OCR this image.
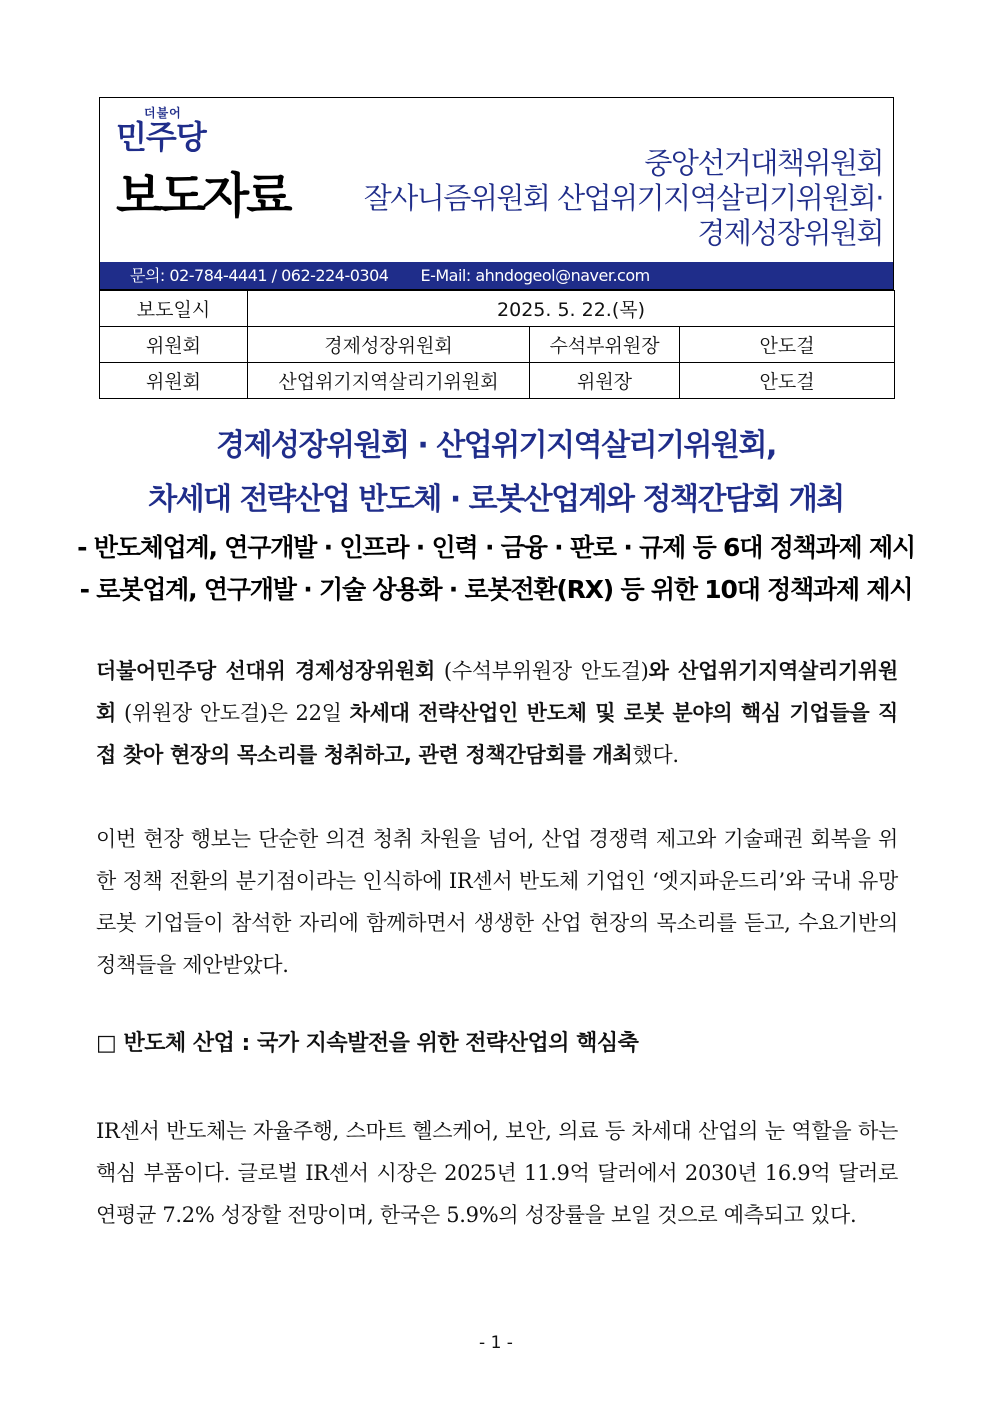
더불어
민주당
보도자료
중앙선거대책위원회
잘사니즘위원회 산업위기지역살리기위원회·
경제성장위원회
문의: 02-784-4441 / 062-224-0304 E-Mail: ahndogeol@naver.com
보도일시	2025. 5. 22.(목)		
위원회	경제성장위원회	수석부위원장	안도걸
위원회	산업위기지역살리기위원회	위원장	안도걸
경제성장위원회 · 산업위기지역살리기위원회,
차세대 전략산업 반도체 · 로봇산업계와 정책간담회 개최
- 반도체업계, 연구개발 · 인프라 · 인력 · 금융 · 판로 · 규제 등 6대 정책과제 제시
- 로봇업계, 연구개발 · 기술 상용화 · 로봇전환(RX) 등 위한 10대 정책과제 제시

더불어민주당 선대위 경제성장위원회 (수석부위원장 안도걸)와 산업위기지역살리기위원회 (위원장 안도걸)은 22일 차세대 전략산업인 반도체 및 로봇 분야의 핵심 기업들을 직접 찾아 현장의 목소리를 청취하고, 관련 정책간담회를 개최했다.

이번 현장 행보는 단순한 의견 청취 차원을 넘어, 산업 경쟁력 제고와 기술패권 회복을 위한 정책 전환의 분기점이라는 인식하에 IR센서 반도체 기업인 ‘엣지파운드리’와 국내 유망 로봇 기업들이 참석한 자리에 함께하면서 생생한 산업 현장의 목소리를 듣고, 수요기반의 정책들을 제안받았다.

□ 반도체 산업 : 국가 지속발전을 위한 전략산업의 핵심축

IR센서 반도체는 자율주행, 스마트 헬스케어, 보안, 의료 등 차세대 산업의 눈 역할을 하는 핵심 부품이다. 글로벌 IR센서 시장은 2025년 11.9억 달러에서 2030년 16.9억 달러로 연평균 7.2% 성장할 전망이며, 한국은 5.9%의 성장률을 보일 것으로 예측되고 있다.

- 1 -
